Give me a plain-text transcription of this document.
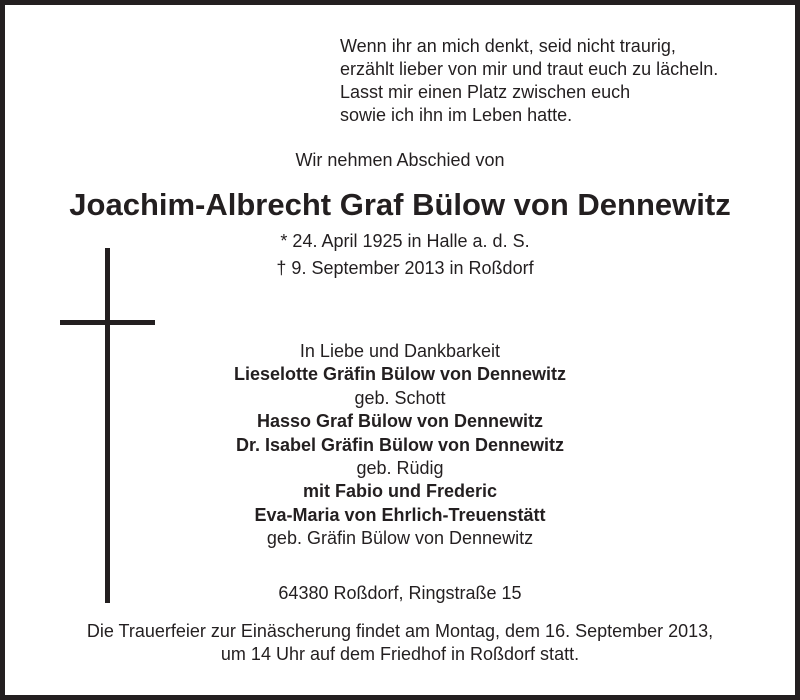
Wenn ihr an mich denkt, seid nicht traurig,
erzählt lieber von mir und traut euch zu lächeln.
Lasst mir einen Platz zwischen euch
sowie ich ihn im Leben hatte.
Wir nehmen Abschied von
Joachim-Albrecht Graf Bülow von Dennewitz
* 24. April 1925 in Halle a. d. S.
† 9. September 2013 in Roßdorf
64380 Roßdorf, Ringstraße 15
Die Trauerfeier zur Einäscherung findet am Montag, dem 16. September 2013,
um 14 Uhr auf dem Friedhof in Roßdorf statt.
In Liebe und Dankbarkeit
Lieselotte Gräfin Bülow von Dennewitz
geb. Schott
Hasso Graf Bülow von Dennewitz
Dr. Isabel Gräfin Bülow von Dennewitz
geb. Rüdig
mit Fabio und Frederic
Eva-Maria von Ehrlich-Treuenstätt
geb. Gräfin Bülow von Dennewitz
